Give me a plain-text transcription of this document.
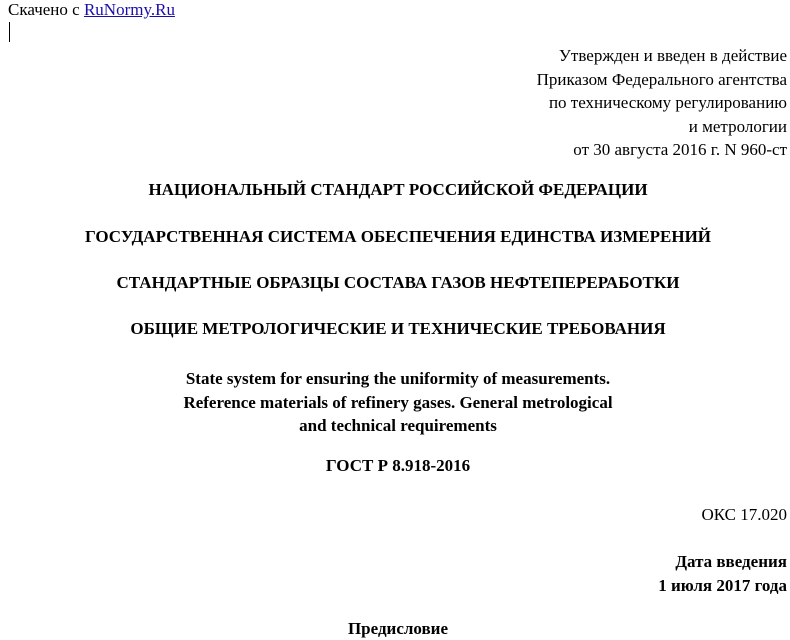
Скачено с RuNormy.Ru
Утвержден и введен в действие
Приказом Федерального агентства
по техническому регулированию
и метрологии
от 30 августа 2016 г. N 960-ст
НАЦИОНАЛЬНЫЙ СТАНДАРТ РОССИЙСКОЙ ФЕДЕРАЦИИ
ГОСУДАРСТВЕННАЯ СИСТЕМА ОБЕСПЕЧЕНИЯ ЕДИНСТВА ИЗМЕРЕНИЙ
СТАНДАРТНЫЕ ОБРАЗЦЫ СОСТАВА ГАЗОВ НЕФТЕПЕРЕРАБОТКИ
ОБЩИЕ МЕТРОЛОГИЧЕСКИЕ И ТЕХНИЧЕСКИЕ ТРЕБОВАНИЯ
State system for ensuring the uniformity of measurements.
Reference materials of refinery gases. General metrological
and technical requirements
ГОСТ Р 8.918-2016
ОКС 17.020
Дата введения
1 июля 2017 года
Предисловие
